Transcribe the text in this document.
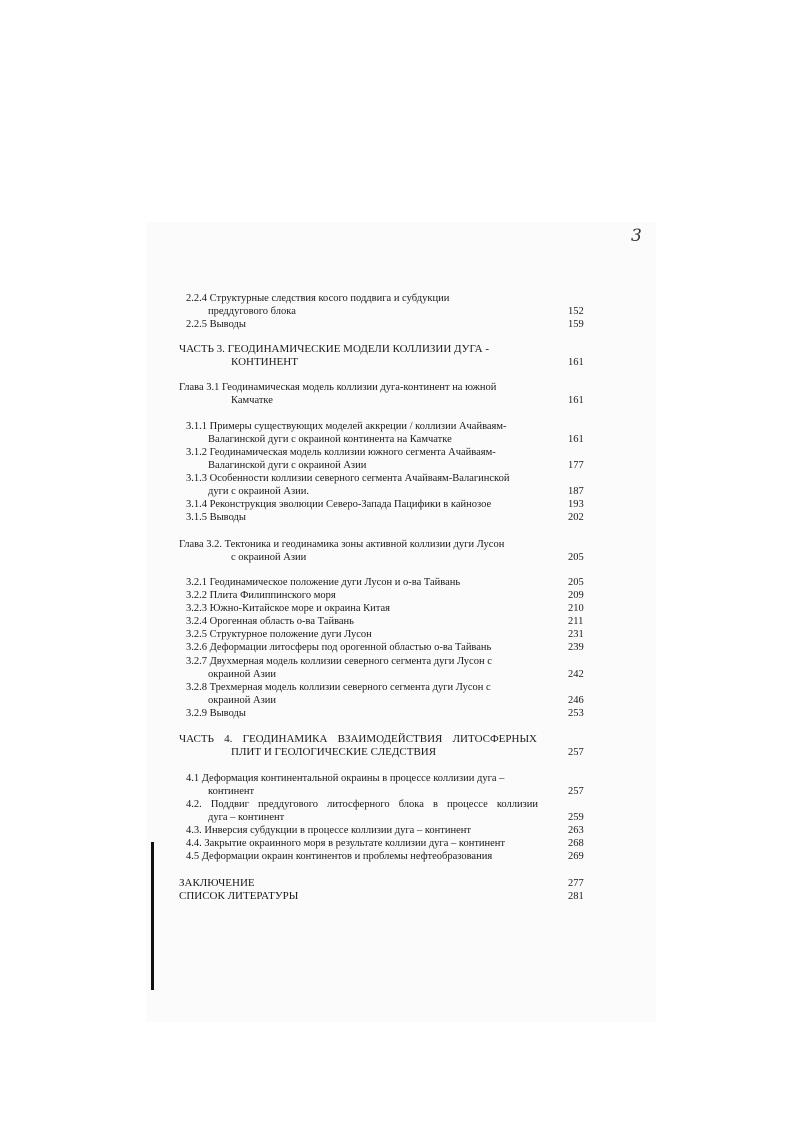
3
2.2.4 Структурные следствия косого поддвига и субдукции
преддугового блока	152
2.2.5 Выводы	159
ЧАСТЬ 3. ГЕОДИНАМИЧЕСКИЕ МОДЕЛИ КОЛЛИЗИИ ДУГА -
КОНТИНЕНТ	161
Глава 3.1 Геодинамическая модель коллизии дуга-континент на южной
Камчатке	161
3.1.1 Примеры существующих моделей аккреции / коллизии Ачайваям-
Валагинской дуги с окраиной континента на Камчатке	161
3.1.2 Геодинамическая модель коллизии южного сегмента Ачайваям-
Валагинской дуги с окраиной Азии	177
3.1.3 Особенности коллизии северного сегмента Ачайваям-Валагинской
дуги с окраиной Азии.	187
3.1.4 Реконструкция эволюции Северо-Запада Пацифики в кайнозое	193
3.1.5 Выводы	202
Глава 3.2. Тектоника и геодинамика зоны активной коллизии дуги Лусон
с окраиной Азии	205
3.2.1 Геодинамическое положение дуги Лусон и о-ва Тайвань	205
3.2.2 Плита Филиппинского моря	209
3.2.3 Южно-Китайское море и окраина Китая	210
3.2.4 Орогенная область о-ва Тайвань	211
3.2.5 Структурное положение дуги Лусон	231
3.2.6 Деформации литосферы под орогенной областью о-ва Тайвань	239
3.2.7 Двухмерная модель коллизии северного сегмента дуги Лусон с
окраиной Азии	242
3.2.8 Трехмерная модель коллизии северного сегмента дуги Лусон с
окраиной Азии	246
3.2.9 Выводы	253
ЧАСТЬ 4. ГЕОДИНАМИКА ВЗАИМОДЕЙСТВИЯ ЛИТОСФЕРНЫХ
ПЛИТ И ГЕОЛОГИЧЕСКИЕ СЛЕДСТВИЯ	257
4.1 Деформация континентальной окраины в процессе коллизии дуга –
континент	257
4.2. Поддвиг преддугового литосферного блока в процессе коллизии
дуга – континент	259
4.3. Инверсия субдукции в процессе коллизии дуга – континент	263
4.4. Закрытие окраинного моря в результате коллизии дуга – континент	268
4.5 Деформации окраин континентов и проблемы нефтеобразования	269
ЗАКЛЮЧЕНИЕ	277
СПИСОК ЛИТЕРАТУРЫ	281
